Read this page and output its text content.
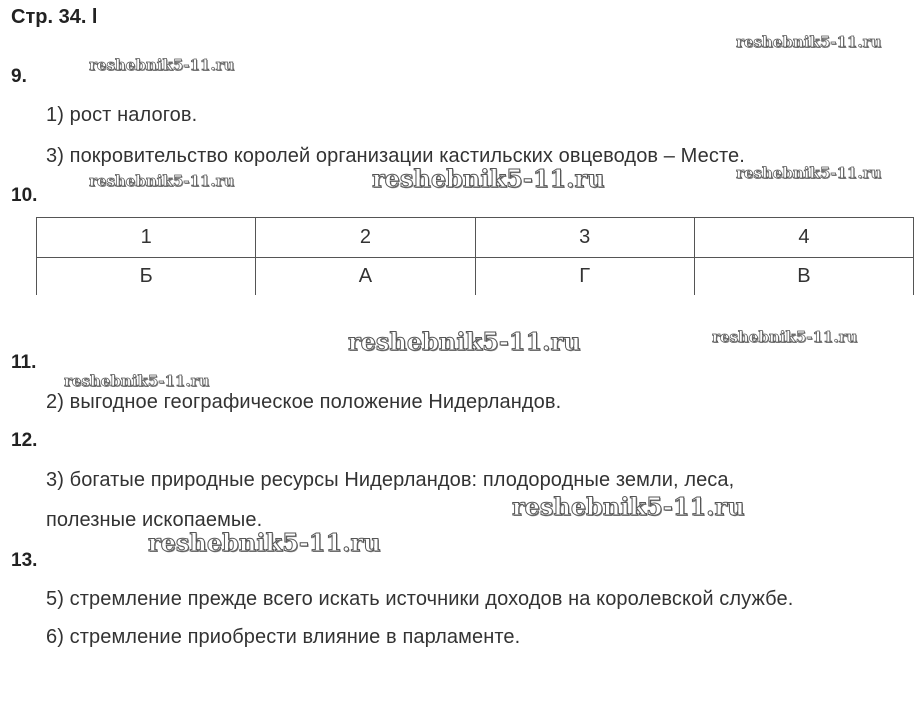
Стр. 34. l
reshebnik5-11.ru
reshebnik5-11.ru
reshebnik5-11.ru	reshebnik5-11.ru	reshebnik5-11.ru
reshebnik5-11.ru	reshebnik5-11.ru
reshebnik5-11.ru
reshebnik5-11.ru
reshebnik5-11.ru
9.
1) рост налогов.
3) покровительство королей организации кастильских овцеводов – Месте.
10.
1	2	3	4
Б	А	Г	В
11.
2) выгодное географическое положение Нидерландов.
12.
3) богатые природные ресурсы Нидерландов: плодородные земли, леса,
полезные ископаемые.
13.
5) стремление прежде всего искать источники доходов на королевской службе.
6) стремление приобрести влияние в парламенте.
